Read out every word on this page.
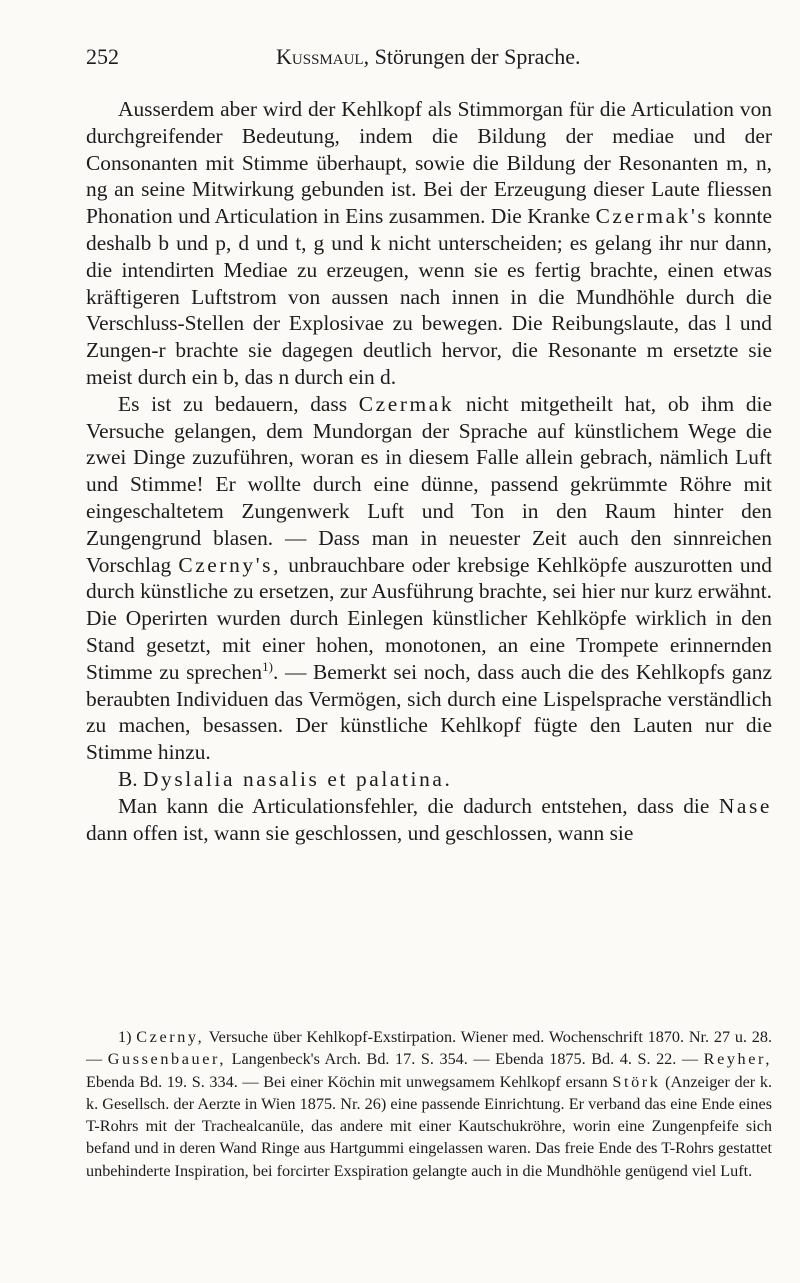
252	Kussmaul, Störungen der Sprache.

Ausserdem aber wird der Kehlkopf als Stimmorgan für die Articulation von durchgreifender Bedeutung, indem die Bildung der mediae und der Consonanten mit Stimme überhaupt, sowie die Bildung der Resonanten m, n, ng an seine Mitwirkung gebunden ist. Bei der Erzeugung dieser Laute fliessen Phonation und Articulation in Eins zusammen. Die Kranke Czermak's konnte deshalb b und p, d und t, g und k nicht unterscheiden; es gelang ihr nur dann, die intendirten Mediae zu erzeugen, wenn sie es fertig brachte, einen etwas kräftigeren Luftstrom von aussen nach innen in die Mundhöhle durch die Verschluss-Stellen der Explosivae zu bewegen. Die Reibungslaute, das l und Zungen-r brachte sie dagegen deutlich hervor, die Resonante m ersetzte sie meist durch ein b, das n durch ein d.

Es ist zu bedauern, dass Czermak nicht mitgetheilt hat, ob ihm die Versuche gelangen, dem Mundorgan der Sprache auf künstlichem Wege die zwei Dinge zuzuführen, woran es in diesem Falle allein gebrach, nämlich Luft und Stimme! Er wollte durch eine dünne, passend gekrümmte Röhre mit eingeschaltetem Zungenwerk Luft und Ton in den Raum hinter den Zungengrund blasen. — Dass man in neuester Zeit auch den sinnreichen Vorschlag Czerny's, unbrauchbare oder krebsige Kehlköpfe auszurotten und durch künstliche zu ersetzen, zur Ausführung brachte, sei hier nur kurz erwähnt. Die Operirten wurden durch Einlegen künstlicher Kehlköpfe wirklich in den Stand gesetzt, mit einer hohen, monotonen, an eine Trompete erinnernden Stimme zu sprechen$^{1)}$. — Bemerkt sei noch, dass auch die des Kehlkopfs ganz beraubten Individuen das Vermögen, sich durch eine Lispelsprache verständlich zu machen, besassen. Der künstliche Kehlkopf fügte den Lauten nur die Stimme hinzu.

B. Dyslalia nasalis et palatina.

Man kann die Articulationsfehler, die dadurch entstehen, dass die Nase dann offen ist, wann sie geschlossen, und geschlossen, wann sie

1) Czerny, Versuche über Kehlkopf-Exstirpation. Wiener med. Wochenschrift 1870. Nr. 27 u. 28. — Gussenbauer, Langenbeck's Arch. Bd. 17. S. 354. — Ebenda 1875. Bd. 4. S. 22. — Reyher, Ebenda Bd. 19. S. 334. — Bei einer Köchin mit unwegsamem Kehlkopf ersann Störk (Anzeiger der k. k. Gesellsch. der Aerzte in Wien 1875. Nr. 26) eine passende Einrichtung. Er verband das eine Ende eines T-Rohrs mit der Trachealcanüle, das andere mit einer Kautschukröhre, worin eine Zungenpfeife sich befand und in deren Wand Ringe aus Hartgummi eingelassen waren. Das freie Ende des T-Rohrs gestattet unbehinderte Inspiration, bei forcirter Exspiration gelangte auch in die Mundhöhle genügend viel Luft.
